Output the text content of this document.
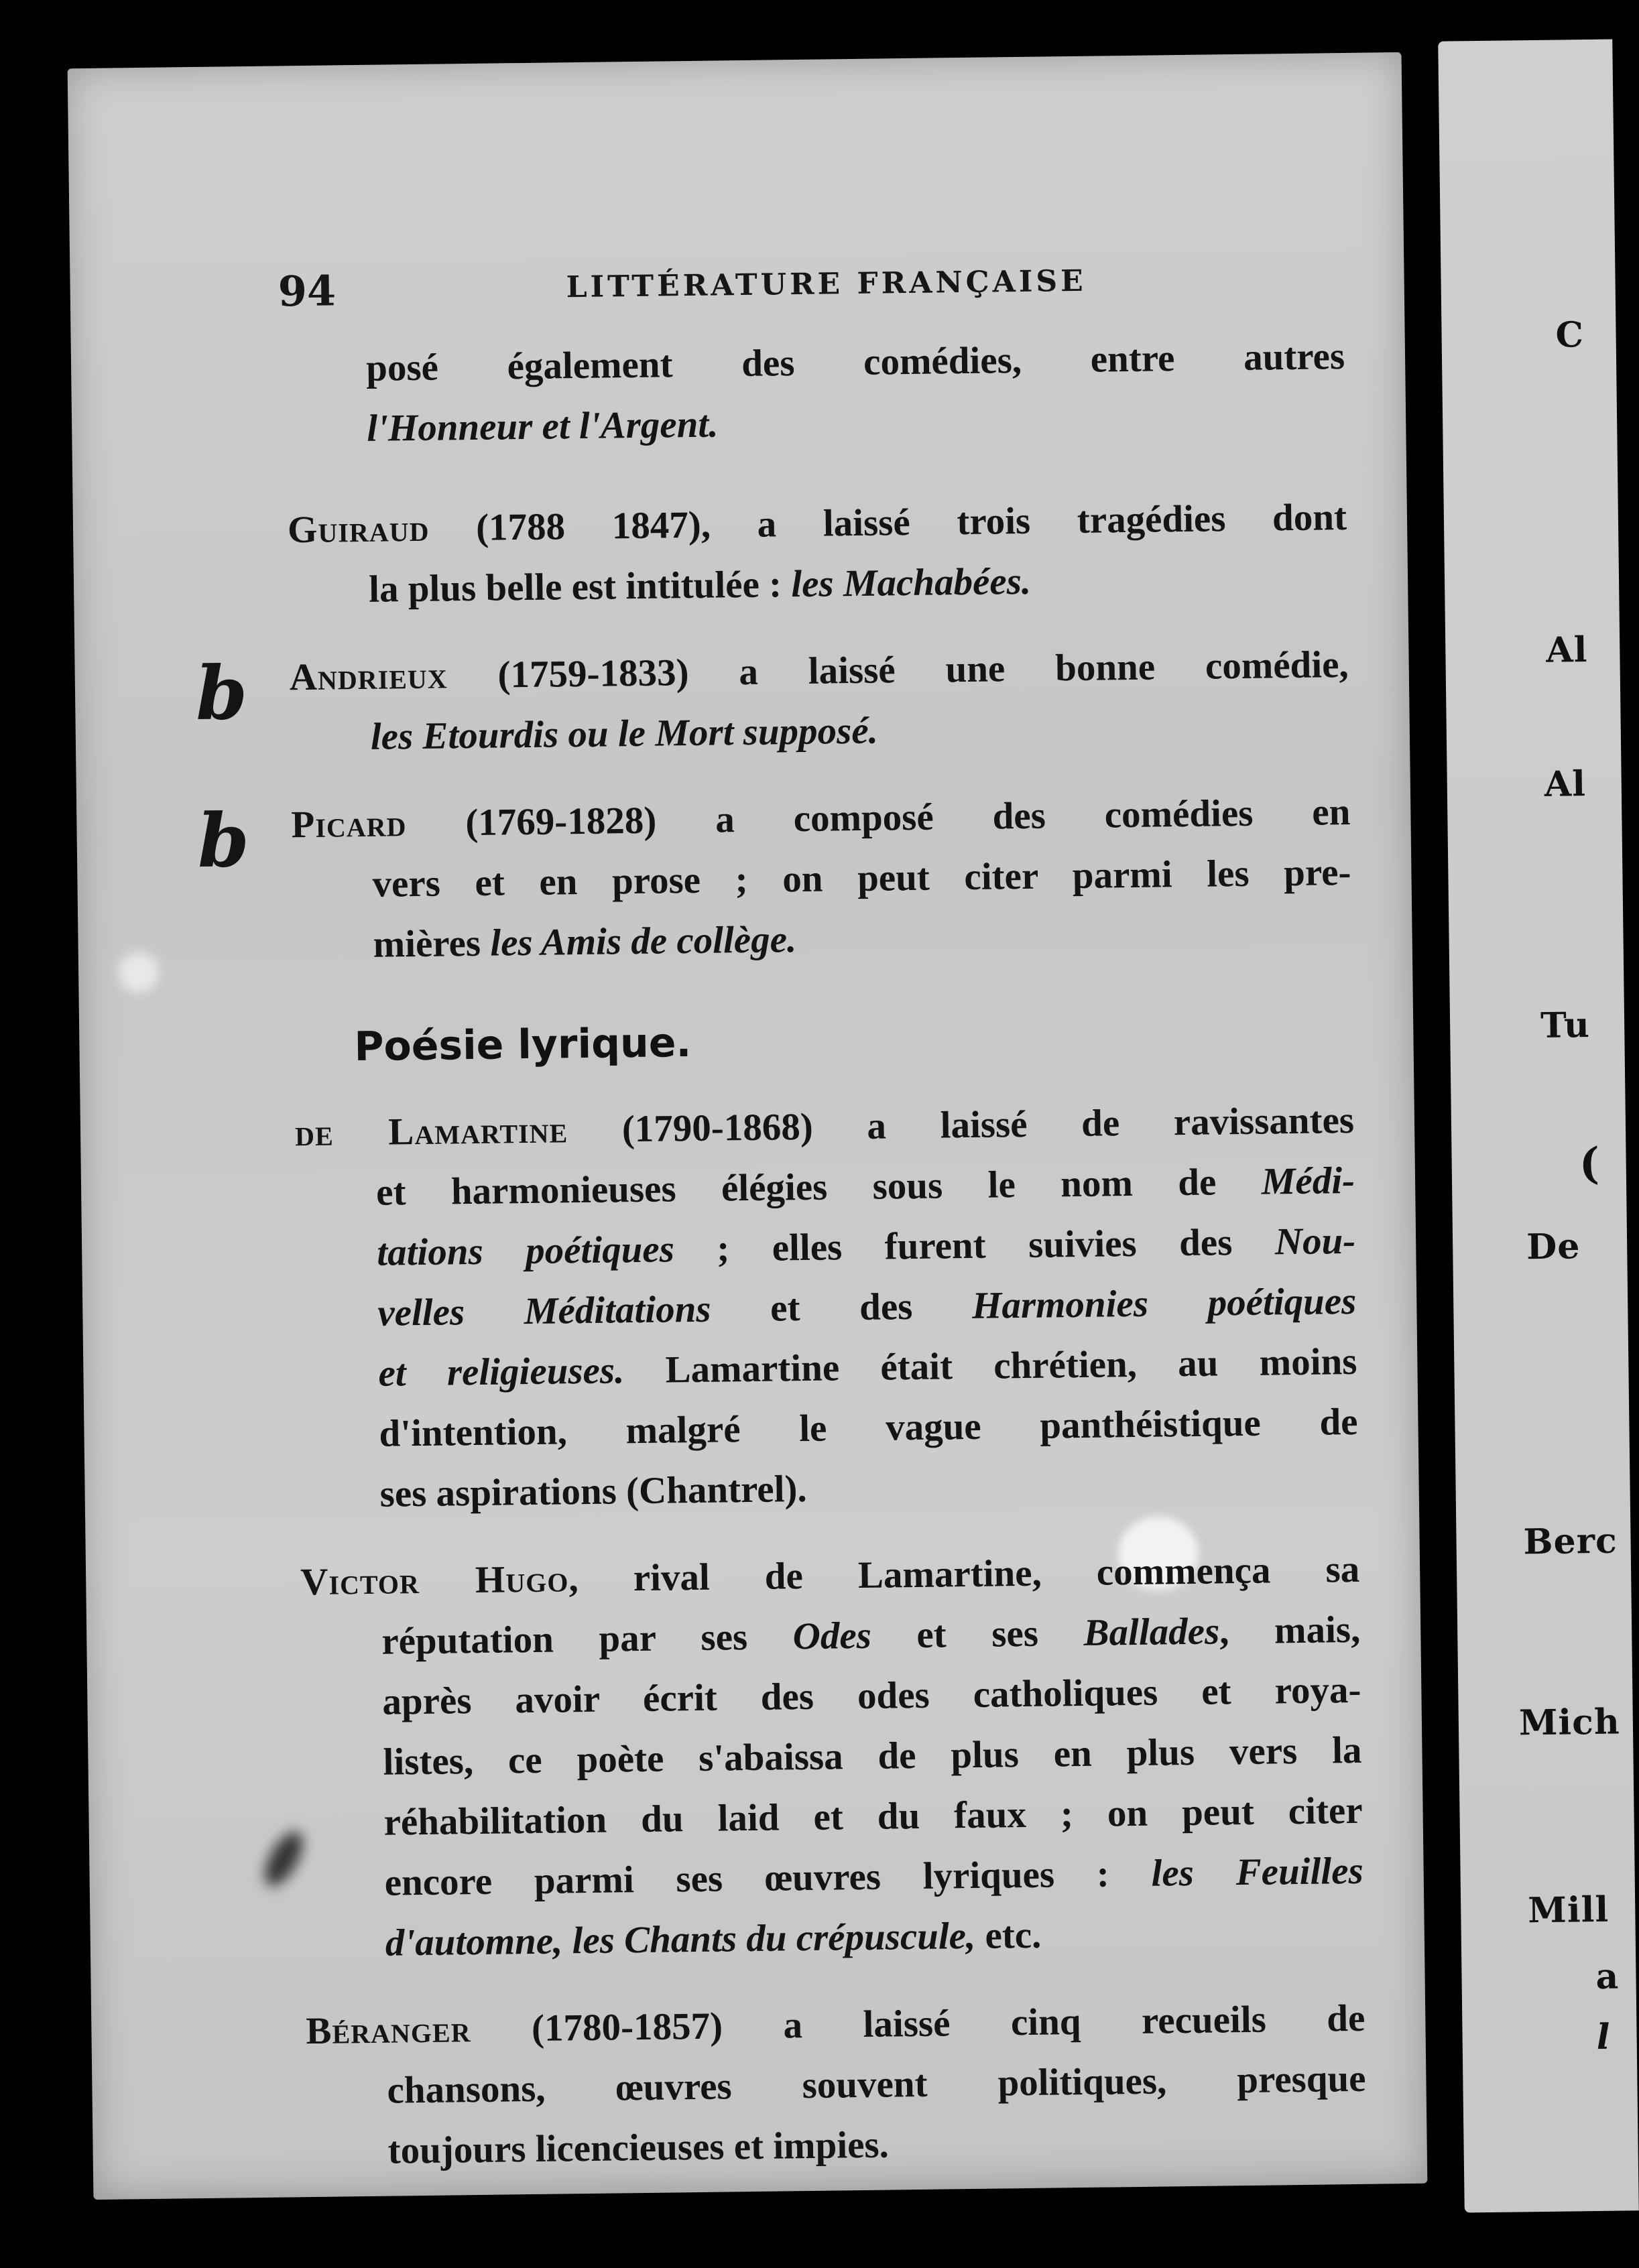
94	LITTÉRATURE FRANÇAISE
posé également des comédies, entre autres
l'Honneur et l'Argent.
Guiraud (1788 1847), a laissé trois tragédies dont
la plus belle est intitulée : les Machabées.
b Andrieux (1759-1833) a laissé une bonne comédie,
les Etourdis ou le Mort supposé.
b Picard (1769-1828) a composé des comédies en
vers et en prose ; on peut citer parmi les pre-
mières les Amis de collège.
Poésie lyrique.
de Lamartine (1790-1868) a laissé de ravissantes
et harmonieuses élégies sous le nom de Médi-
tations poétiques ; elles furent suivies des Nou-
velles Méditations et des Harmonies poétiques
et religieuses. Lamartine était chrétien, au moins
d'intention, malgré le vague panthéistique de
ses aspirations (Chantrel).
Victor Hugo, rival de Lamartine, commença sa
réputation par ses Odes et ses Ballades, mais,
après avoir écrit des odes catholiques et roya-
listes, ce poète s'abaissa de plus en plus vers la
réhabilitation du laid et du faux ; on peut citer
encore parmi ses œuvres lyriques : les Feuilles
d'automne, les Chants du crépuscule, etc.
Béranger (1780-1857) a laissé cinq recueils de
chansons, œuvres souvent politiques, presque
toujours licencieuses et impies.
C
Al
Al
Tu
(
De
Berc
Mich
Mill
a
l
